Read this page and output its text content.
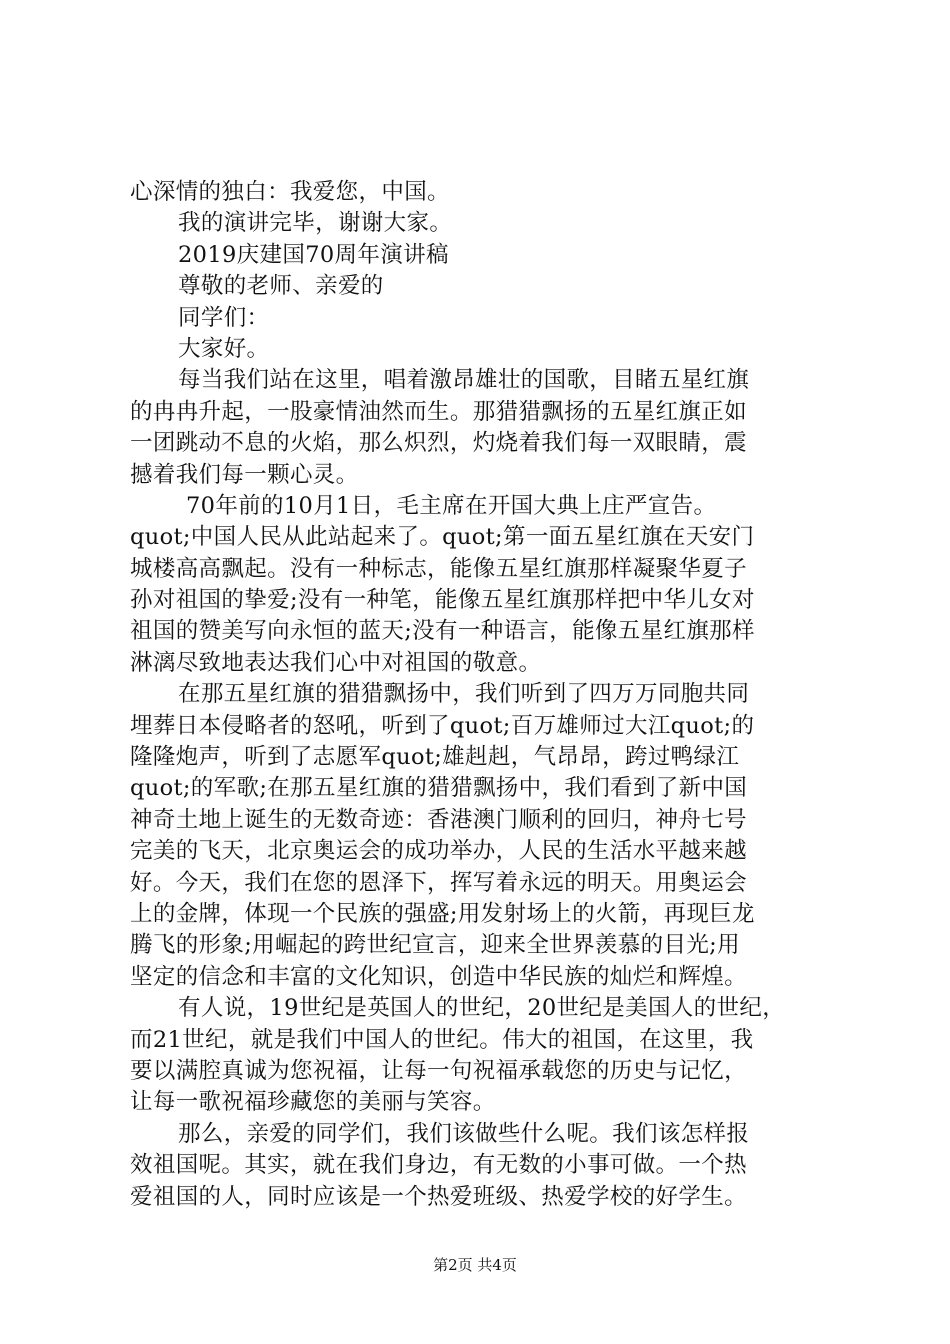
心深情的独白：我爱您，中国。
我的演讲完毕，谢谢大家。
2019庆建国70周年演讲稿
尊敬的老师、亲爱的
同学们：
大家好。
每当我们站在这里，唱着激昂雄壮的国歌，目睹五星红旗
的冉冉升起，一股豪情油然而生。那猎猎飘扬的五星红旗正如
一团跳动不息的火焰，那么炽烈，灼烧着我们每一双眼睛，震
撼着我们每一颗心灵。
70年前的10月1日，毛主席在开国大典上庄严宣告。
quot;中国人民从此站起来了。quot;第一面五星红旗在天安门
城楼高高飘起。没有一种标志，能像五星红旗那样凝聚华夏子
孙对祖国的挚爱;没有一种笔，能像五星红旗那样把中华儿女对
祖国的赞美写向永恒的蓝天;没有一种语言，能像五星红旗那样
淋漓尽致地表达我们心中对祖国的敬意。
在那五星红旗的猎猎飘扬中，我们听到了四万万同胞共同
埋葬日本侵略者的怒吼，听到了quot;百万雄师过大江quot;的
隆隆炮声，听到了志愿军quot;雄赳赳，气昂昂，跨过鸭绿江
quot;的军歌;在那五星红旗的猎猎飘扬中，我们看到了新中国
神奇土地上诞生的无数奇迹：香港澳门顺利的回归，神舟七号
完美的飞天，北京奥运会的成功举办，人民的生活水平越来越
好。今天，我们在您的恩泽下，挥写着永远的明天。用奥运会
上的金牌，体现一个民族的强盛;用发射场上的火箭，再现巨龙
腾飞的形象;用崛起的跨世纪宣言，迎来全世界羡慕的目光;用
坚定的信念和丰富的文化知识，创造中华民族的灿烂和辉煌。
有人说，19世纪是英国人的世纪，20世纪是美国人的世纪，
而21世纪，就是我们中国人的世纪。伟大的祖国，在这里，我
要以满腔真诚为您祝福，让每一句祝福承载您的历史与记忆，
让每一歌祝福珍藏您的美丽与笑容。
那么，亲爱的同学们，我们该做些什么呢。我们该怎样报
效祖国呢。其实，就在我们身边，有无数的小事可做。一个热
爱祖国的人，同时应该是一个热爱班级、热爱学校的好学生。
第2页 共4页
